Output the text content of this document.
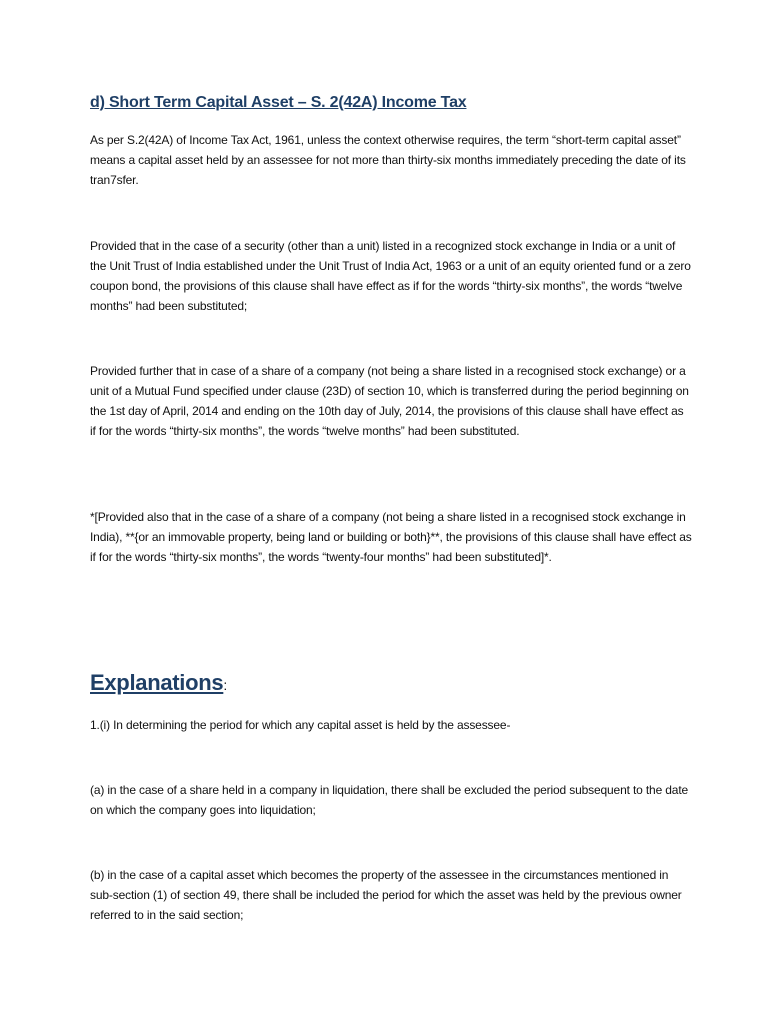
d) Short Term Capital Asset – S. 2(42A) Income Tax

As per S.2(42A) of Income Tax Act, 1961, unless the context otherwise requires, the term “short-term capital asset” means a capital asset held by an assessee for not more than thirty-six months immediately preceding the date of its tran7sfer.

Provided that in the case of a security (other than a unit) listed in a recognized stock exchange in India or a unit of the Unit Trust of India established under the Unit Trust of India Act, 1963 or a unit of an equity oriented fund or a zero coupon bond, the provisions of this clause shall have effect as if for the words “thirty-six months”, the words “twelve months” had been substituted;

Provided further that in case of a share of a company (not being a share listed in a recognised stock exchange) or a unit of a Mutual Fund specified under clause (23D) of section 10, which is transferred during the period beginning on the 1st day of April, 2014 and ending on the 10th day of July, 2014, the provisions of this clause shall have effect as if for the words “thirty-six months”, the words “twelve months” had been substituted.

*[Provided also that in the case of a share of a company (not being a share listed in a recognised stock exchange in India), **{or an immovable property, being land or building or both}**, the provisions of this clause shall have effect as if for the words “thirty-six months”, the words “twenty-four months” had been substituted]*.

Explanations:

1.(i) In determining the period for which any capital asset is held by the assessee-

(a) in the case of a share held in a company in liquidation, there shall be excluded the period subsequent to the date on which the company goes into liquidation;

(b) in the case of a capital asset which becomes the property of the assessee in the circumstances mentioned in sub-section (1) of section 49, there shall be included the period for which the asset was held by the previous owner referred to in the said section;
